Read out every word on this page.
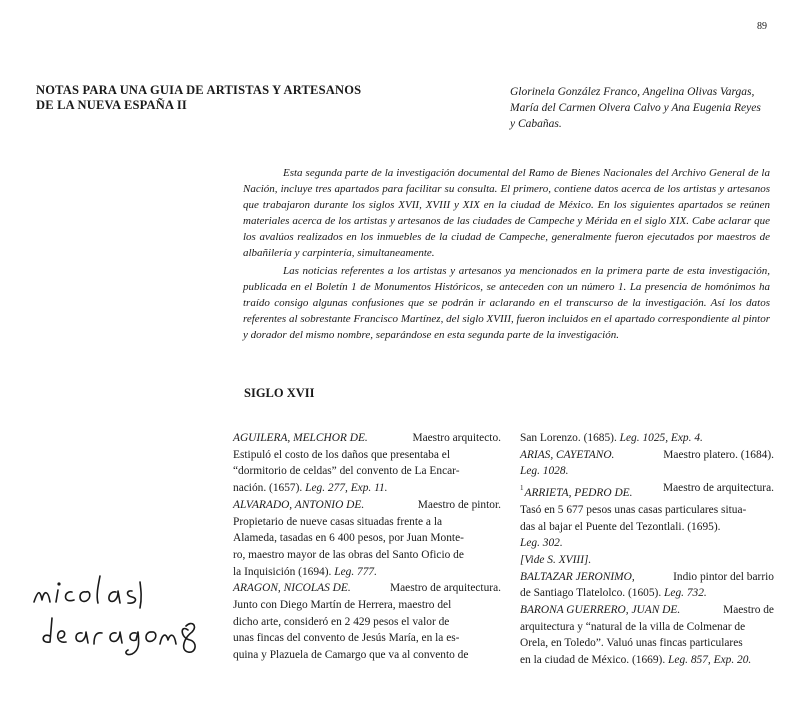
89
NOTAS PARA UNA GUIA DE ARTISTAS Y ARTESANOS
DE LA NUEVA ESPAÑA II
Glorinela González Franco, Angelina Olivas Vargas,
María del Carmen Olvera Calvo y Ana Eugenia Reyes
y Cabañas.

Esta segunda parte de la investigación documental del Ramo de Bienes Nacionales del Archivo General de la Nación, incluye tres apartados para facilitar su consulta. El primero, contiene datos acerca de los artistas y artesanos que trabajaron durante los siglos XVII, XVIII y XIX en la ciudad de México. En los siguientes apartados se reúnen materiales acerca de los artistas y artesanos de las ciudades de Campeche y Mérida en el siglo XIX. Cabe aclarar que los avalúos realizados en los inmuebles de la ciudad de Campeche, generalmente fueron ejecutados por maestros de albañilería y carpintería, simultaneamente.

Las noticias referentes a los artistas y artesanos ya mencionados en la primera parte de esta investigación, publicada en el Boletín 1 de Monumentos Históricos, se anteceden con un número 1. La presencia de homónimos ha traído consigo algunas confusiones que se podrán ir aclarando en el transcurso de la investigación. Así los datos referentes al sobrestante Francisco Martínez, del siglo XVIII, fueron incluidos en el apartado correspondiente al pintor y dorador del mismo nombre, separándose en esta segunda parte de la investigación.

SIGLO XVII
AGUILERA, MELCHOR DE.	Maestro arquitecto.
Estipuló el costo de los daños que presentaba el
“dormitorio de celdas” del convento de La Encar-
nación. (1657).
Leg. 277, Exp. 11.
ALVARADO, ANTONIO DE.	Maestro de pintor.
Propietario de nueve casas situadas frente a la
Alameda, tasadas en 6 400 pesos, por Juan Monte-
ro, maestro mayor de las obras del Santo Oficio de
la Inquisición (1694).
Leg. 777.
ARAGON, NICOLAS DE.	Maestro de arquitectura.
Junto con Diego Martín de Herrera, maestro del
dicho arte, consideró en 2 429 pesos el valor de
unas fincas del convento de Jesús María, en la es-
quina y Plazuela de Camargo que va al convento de
San Lorenzo. (1685).
Leg. 1025, Exp. 4.
ARIAS, CAYETANO.	Maestro platero. (1684).
Leg. 1028.
1ARRIETA, PEDRO DE.	Maestro de arquitectura.
Tasó en 5 677 pesos unas casas particulares situa-
das al bajar el Puente del Tezontlali. (1695).
Leg. 302.
[Vide S. XVIII].
BALTAZAR JERONIMO,	Indio pintor del barrio
de Santiago Tlatelolco. (1605).
Leg. 732.
BARONA GUERRERO, JUAN DE.	Maestro de
arquitectura y “natural de la villa de Colmenar de
Orela, en Toledo”. Valuó unas fincas particulares
en la ciudad de México. (1669).
Leg. 857, Exp. 20.
